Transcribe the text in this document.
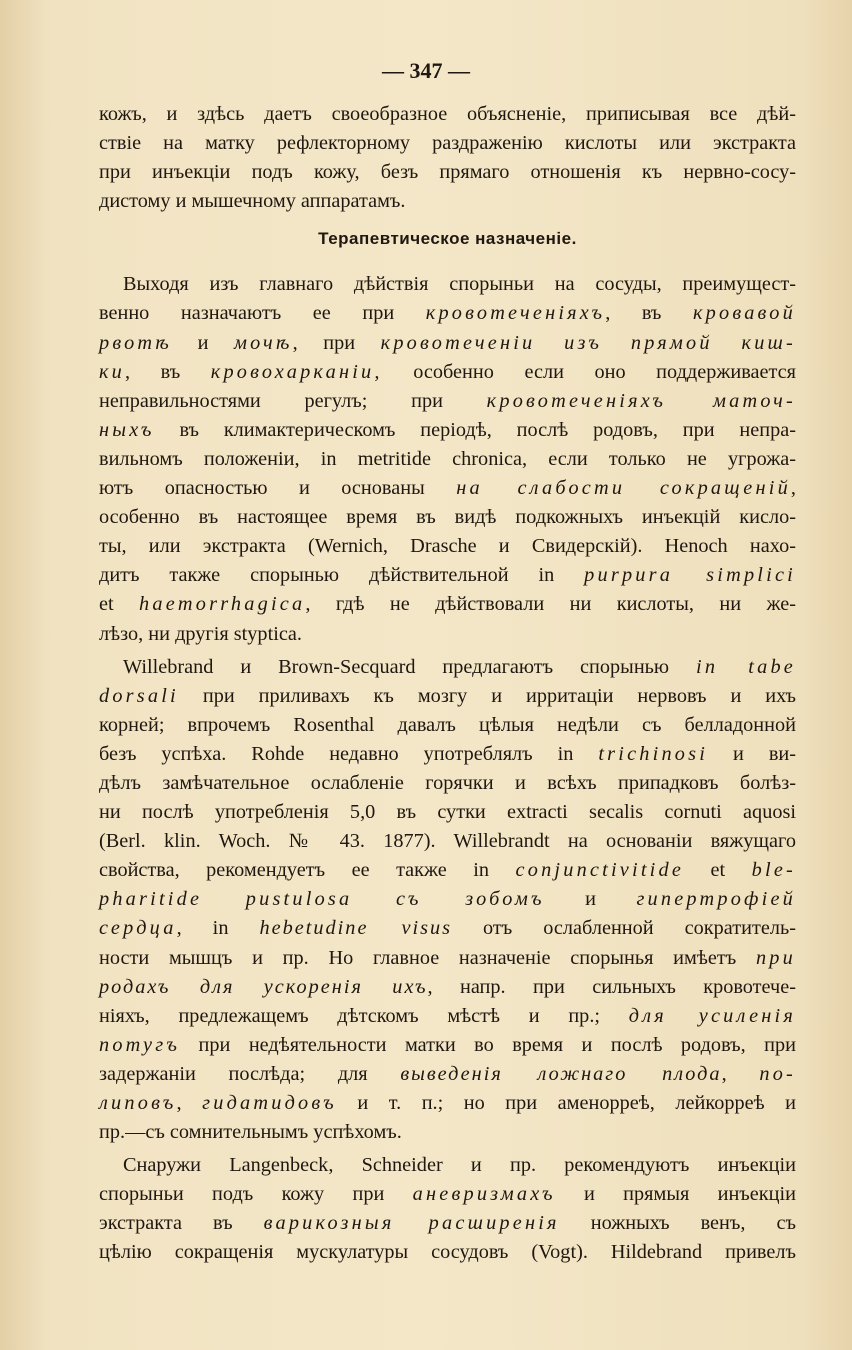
— 347 —
кожъ, и здѣсь даетъ своеобразное объясненіе, приписывая все дѣй-
ствіе на матку рефлекторному раздраженію кислоты или экстракта
при инъекціи подъ кожу, безъ прямаго отношенія къ нервно-сосу-
дистому и мышечному аппаратамъ.
Терапевтическое назначеніе.
Выходя изъ главнаго дѣйствія спорыньи на сосуды, преимущест-
венно назначаютъ ее при кровотеченіяхъ, въ кровавой
рвотѣ и мочѣ, при кровотеченіи изъ прямой киш-
ки, въ кровохарканіи, особенно если оно поддерживается
неправильностями регулъ; при кровотеченіяхъ маточ-
ныхъ въ климактерическомъ періодѣ, послѣ родовъ, при непра-
вильномъ положеніи, in metritide chronica, если только не угрожа-
ютъ опасностью и основаны на слабости сокращеній,
особенно въ настоящее время въ видѣ подкожныхъ инъекцій кисло-
ты, или экстракта (Wernich, Drasche и Свидерскій). Henoch нахо-
дитъ также спорынью дѣйствительной in purpura simplici
et haemorrhagica, гдѣ не дѣйствовали ни кислоты, ни же-
лѣзо, ни другія styptica.
Willebrand и Brown-Secquard предлагаютъ спорынью in tabe
dorsali при приливахъ къ мозгу и ирритаціи нервовъ и ихъ
корней; впрочемъ Rosenthal давалъ цѣлыя недѣли съ белладонной
безъ успѣха. Rohde недавно употреблялъ in trichinosi и ви-
дѣлъ замѣчательное ослабленіе горячки и всѣхъ припадковъ болѣз-
ни послѣ употребленія 5,0 въ сутки extracti secalis cornuti aquosi
(Berl. klin. Woch. № 43. 1877). Willebrandt на основаніи вяжущаго
свойства, рекомендуетъ ее также in conjunctivitide et ble-
pharitide pustulosa съ зобомъ и гипертрофіей
сердца, in hebetudine visus отъ ослабленной сократитель-
ности мышцъ и пр. Но главное назначеніе спорынья имѣетъ при
родахъ для ускоренія ихъ, напр. при сильныхъ кровотече-
ніяхъ, предлежащемъ дѣтскомъ мѣстѣ и пр.; для усиленія
потугъ при недѣятельности матки во время и послѣ родовъ, при
задержаніи послѣда; для выведенія ложнаго плода, по-
липовъ, гидатидовъ и т. п.; но при аменорреѣ, лейкорреѣ и
пр.—съ сомнительнымъ успѣхомъ.
Снаружи Langenbeck, Schneider и пр. рекомендуютъ инъекціи
спорыньи подъ кожу при аневризмахъ и прямыя инъекціи
экстракта въ варикозныя расширенія ножныхъ венъ, съ
цѣлію сокращенія мускулатуры сосудовъ (Vogt). Hildebrand привелъ
